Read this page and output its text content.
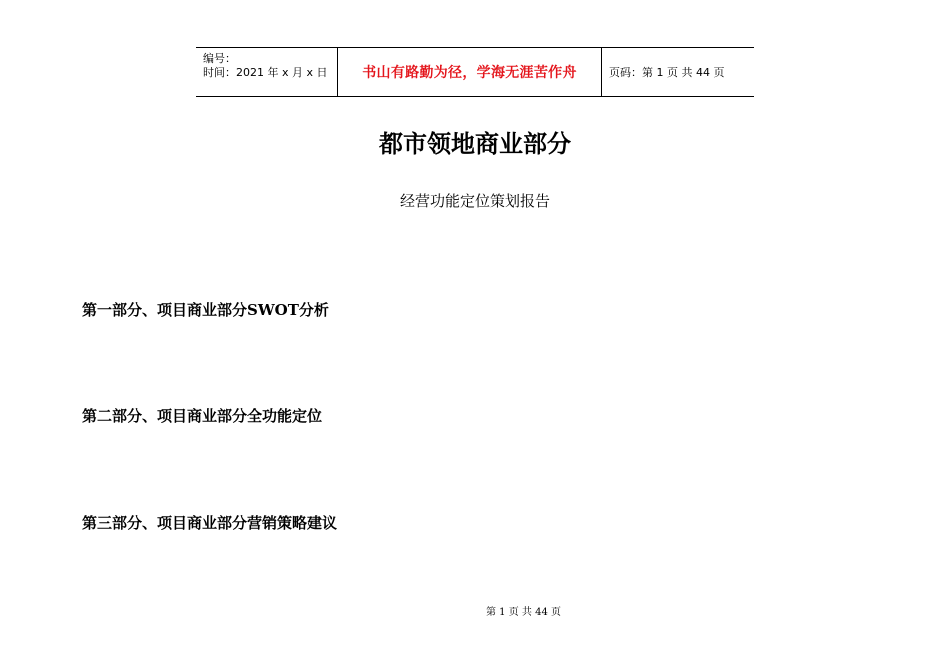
编号：
时间：2021 年 x 月 x 日	书山有路勤为径，学海无涯苦作舟	页码：第 1 页 共 44 页
都市领地商业部分
经营功能定位策划报告
第一部分、项目商业部分SWOT分析
第二部分、项目商业部分全功能定位
第三部分、项目商业部分营销策略建议
第 1 页 共 44 页
